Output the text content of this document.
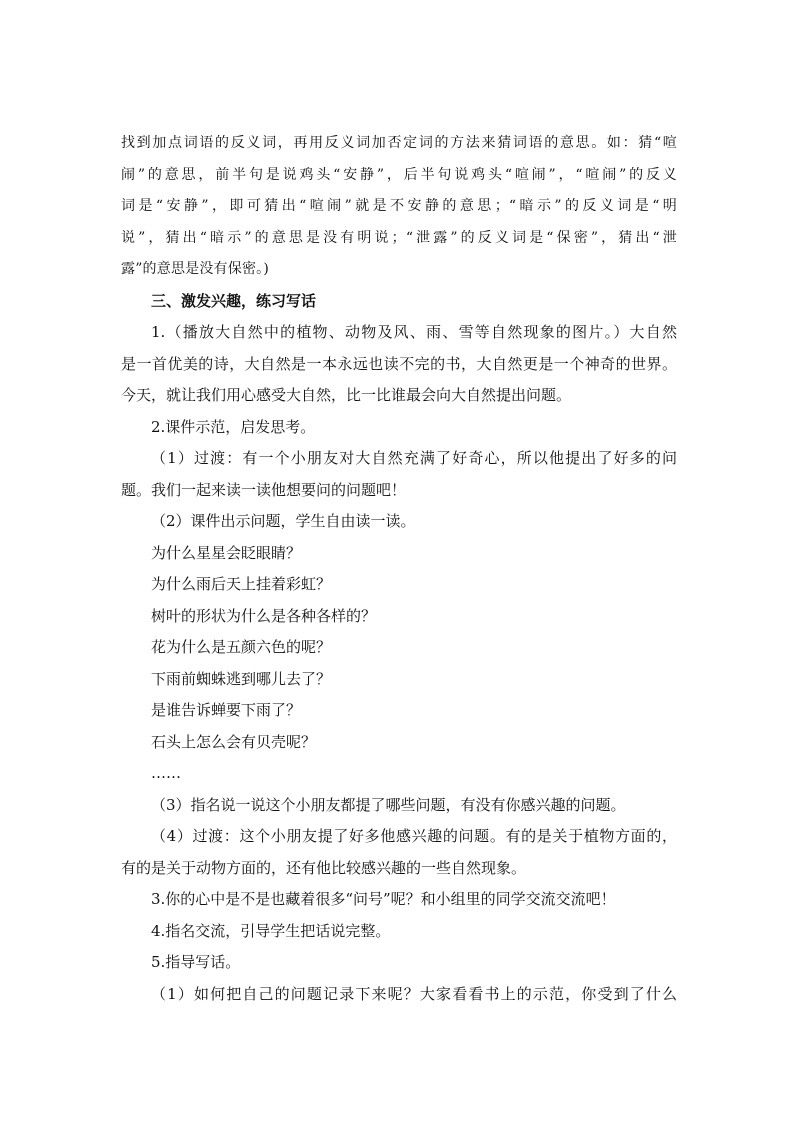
找到加点词语的反义词，再用反义词加否定词的方法来猜词语的意思。如：猜“喧
闹”的意思，前半句是说鸡头“安静”，后半句说鸡头“喧闹”，“喧闹”的反义
词是“安静”，即可猜出“喧闹”就是不安静的意思；“暗示”的反义词是“明
说”，猜出“暗示”的意思是没有明说；“泄露”的反义词是“保密”，猜出“泄
露”的意思是没有保密。)
三、激发兴趣，练习写话
1.（播放大自然中的植物、动物及风、雨、雪等自然现象的图片。）大自然
是一首优美的诗，大自然是一本永远也读不完的书，大自然更是一个神奇的世界。
今天，就让我们用心感受大自然，比一比谁最会向大自然提出问题。
2.课件示范，启发思考。
（1）过渡：有一个小朋友对大自然充满了好奇心，所以他提出了好多的问
题。我们一起来读一读他想要问的问题吧！
（2）课件出示问题，学生自由读一读。
为什么星星会眨眼睛？
为什么雨后天上挂着彩虹？
树叶的形状为什么是各种各样的？
花为什么是五颜六色的呢？
下雨前蜘蛛逃到哪儿去了？
是谁告诉蝉要下雨了？
石头上怎么会有贝壳呢？
……
（3）指名说一说这个小朋友都提了哪些问题，有没有你感兴趣的问题。
（4）过渡：这个小朋友提了好多他感兴趣的问题。有的是关于植物方面的，
有的是关于动物方面的，还有他比较感兴趣的一些自然现象。
3.你的心中是不是也藏着很多“问号”呢？和小组里的同学交流交流吧！
4.指名交流，引导学生把话说完整。
5.指导写话。
（1）如何把自己的问题记录下来呢？大家看看书上的示范，你受到了什么
